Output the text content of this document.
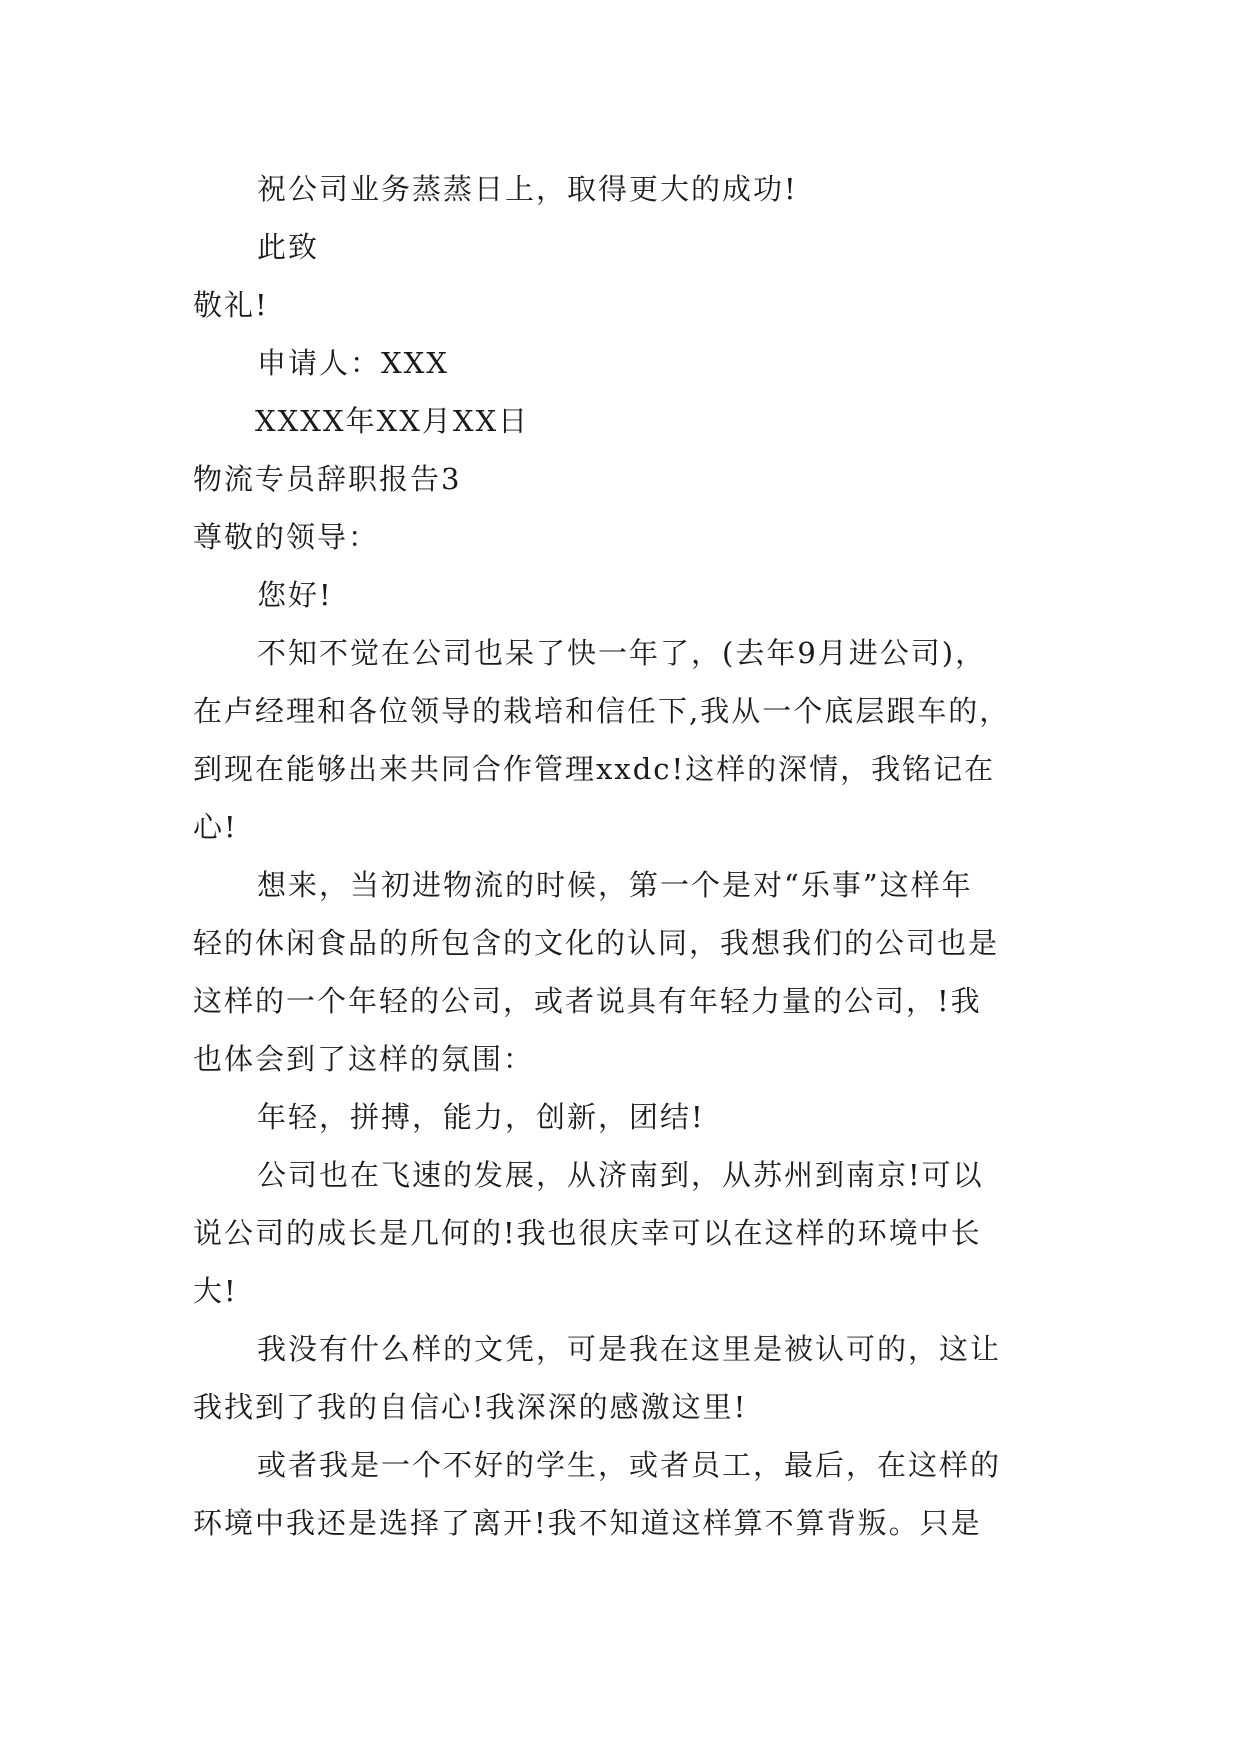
祝公司业务蒸蒸日上，取得更大的成功!
此致
敬礼!
申请人：XXX
XXXX年XX月XX日
物流专员辞职报告3
尊敬的领导：
您好!
不知不觉在公司也呆了快一年了，(去年9月进公司)，
在卢经理和各位领导的栽培和信任下,我从一个底层跟车的，
到现在能够出来共同合作管理xxdc!这样的深情，我铭记在
心!
想来，当初进物流的时候，第一个是对“乐事”这样年
轻的休闲食品的所包含的文化的认同，我想我们的公司也是
这样的一个年轻的公司，或者说具有年轻力量的公司，!我
也体会到了这样的氛围：
年轻，拼搏，能力，创新，团结!
公司也在飞速的发展，从济南到，从苏州到南京!可以
说公司的成长是几何的!我也很庆幸可以在这样的环境中长
大!
我没有什么样的文凭，可是我在这里是被认可的，这让
我找到了我的自信心!我深深的感激这里!
或者我是一个不好的学生，或者员工，最后，在这样的
环境中我还是选择了离开!我不知道这样算不算背叛。只是
